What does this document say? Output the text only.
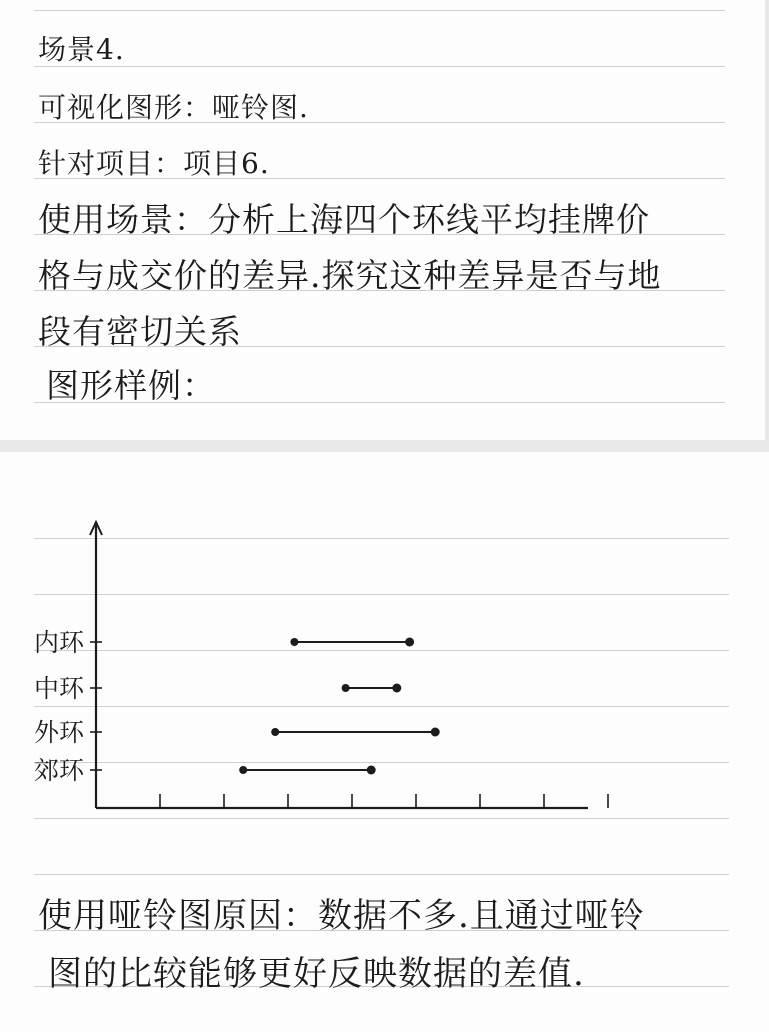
场景4.
可视化图形：哑铃图.
针对项目：项目6.
使用场景：分析上海四个环线平均挂牌价
格与成交价的差异.探究这种差异是否与地
段有密切关系
图形样例：
内环
中环
外环
郊环
使用哑铃图原因：数据不多.且通过哑铃
图的比较能够更好反映数据的差值.
